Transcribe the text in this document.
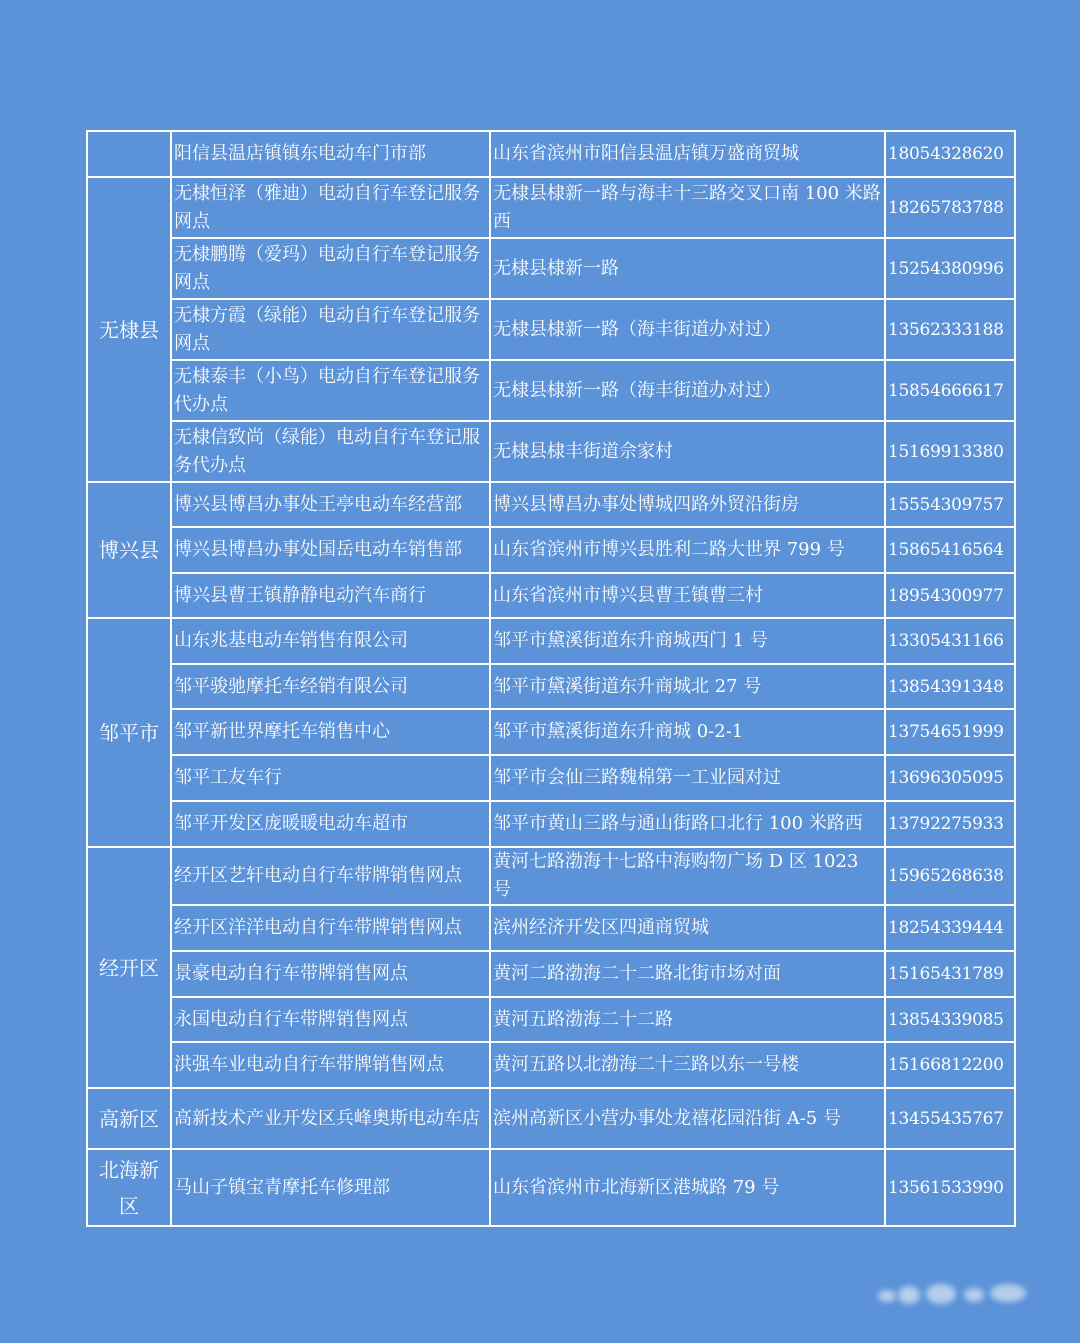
	阳信县温店镇镇东电动车门市部	山东省滨州市阳信县温店镇万盛商贸城	18054328620
无棣县	无棣恒泽（雅迪）电动自行车登记服务网点	无棣县棣新一路与海丰十三路交叉口南 100 米路西	18265783788
	无棣鹏腾（爱玛）电动自行车登记服务网点	无棣县棣新一路	15254380996
	无棣方霞（绿能）电动自行车登记服务网点	无棣县棣新一路（海丰街道办对过）	13562333188
	无棣泰丰（小鸟）电动自行车登记服务代办点	无棣县棣新一路（海丰街道办对过）	15854666617
	无棣信致尚（绿能）电动自行车登记服务代办点	无棣县棣丰街道佘家村	15169913380
博兴县	博兴县博昌办事处王亭电动车经营部	博兴县博昌办事处博城四路外贸沿街房	15554309757
	博兴县博昌办事处国岳电动车销售部	山东省滨州市博兴县胜利二路大世界 799 号	15865416564
	博兴县曹王镇静静电动汽车商行	山东省滨州市博兴县曹王镇曹三村	18954300977
邹平市	山东兆基电动车销售有限公司	邹平市黛溪街道东升商城西门 1 号	13305431166
	邹平骏驰摩托车经销有限公司	邹平市黛溪街道东升商城北 27 号	13854391348
	邹平新世界摩托车销售中心	邹平市黛溪街道东升商城 0-2-1	13754651999
	邹平工友车行	邹平市会仙三路魏棉第一工业园对过	13696305095
	邹平开发区庞暖暖电动车超市	邹平市黄山三路与通山街路口北行 100 米路西	13792275933
经开区	经开区艺轩电动自行车带牌销售网点	黄河七路渤海十七路中海购物广场 D 区 1023 号	15965268638
	经开区洋洋电动自行车带牌销售网点	滨州经济开发区四通商贸城	18254339444
	景豪电动自行车带牌销售网点	黄河二路渤海二十二路北街市场对面	15165431789
	永国电动自行车带牌销售网点	黄河五路渤海二十二路	13854339085
	洪强车业电动自行车带牌销售网点	黄河五路以北渤海二十三路以东一号楼	15166812200
高新区	高新技术产业开发区兵峰奥斯电动车店	滨州高新区小营办事处龙禧花园沿街 A-5 号	13455435767
北海新区	马山子镇宝青摩托车修理部	山东省滨州市北海新区港城路 79 号	13561533990
